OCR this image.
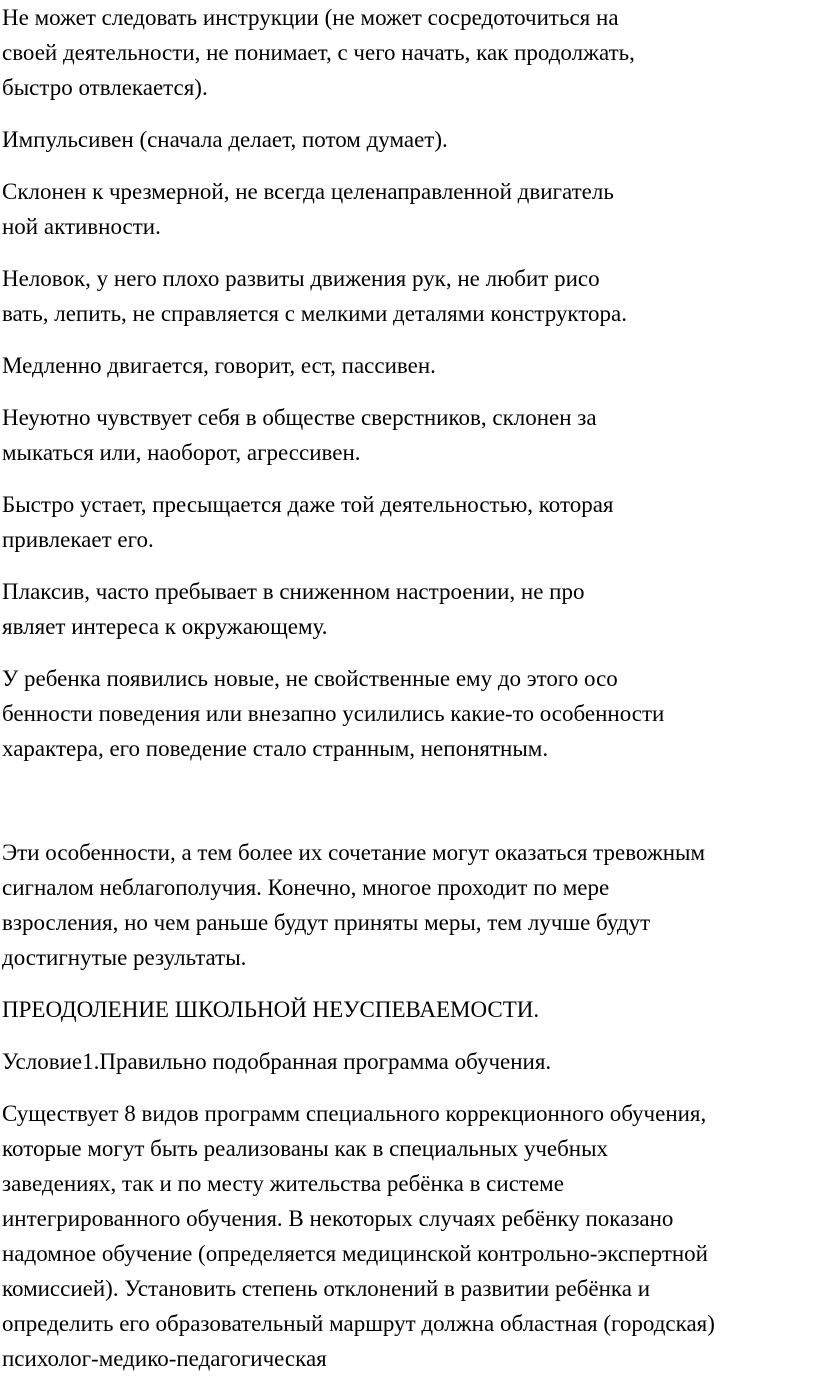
Не может следовать инструкции (не может сосредоточиться на
своей деятельности, не понимает, с чего начать, как продолжать,
быстро отвлекается).
Импульсивен (сначала делает, потом думает).
Склонен к чрезмерной, не всегда целенаправленной двигатель
ной активности.
Неловок, у него плохо развиты движения рук, не любит рисо
вать, лепить, не справляется с мелкими деталями конструктора.
Медленно двигается, говорит, ест, пассивен.
Неуютно чувствует себя в обществе сверстников, склонен за
мыкаться или, наоборот, агрессивен.
Быстро устает, пресыщается даже той деятельностью, которая
привлекает его.
Плаксив, часто пребывает в сниженном настроении, не про
являет интереса к окружающему.
У ребенка появились новые, не свойственные ему до этого осо
бенности поведения или внезапно усилились какие-то особенности
характера, его поведение стало странным, непонятным.
Эти особенности, а тем более их сочетание могут оказаться тревожным
сигналом неблагополучия. Конечно, многое проходит по мере
взросления, но чем раньше будут приняты меры, тем лучше будут
достигнутые результаты.
ПРЕОДОЛЕНИЕ ШКОЛЬНОЙ НЕУСПЕВАЕМОСТИ.
Условие1.Правильно подобранная программа обучения.
Существует 8 видов программ специального коррекционного обучения,
которые могут быть реализованы как в специальных учебных
заведениях, так и по месту жительства ребёнка в системе
интегрированного обучения. В некоторых случаях ребёнку показано
надомное обучение (определяется медицинской контрольно-экспертной
комиссией). Установить степень отклонений в развитии ребёнка и
определить его образовательный маршрут должна областная (городская)
психолог-медико-педагогическая
